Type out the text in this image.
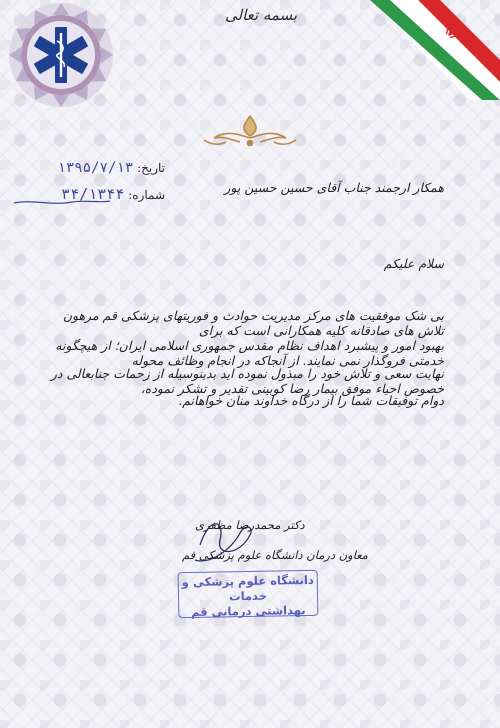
بسمه تعالی
تاریخ: ۱۳۹۵/۷/۱۳
شماره: ۳۴/۱۳۴۴	همکار ارجمند جناب آقای حسین حسین پور
سلام علیکم
بی شک موفقیت های مرکز مدیریت حوادث و فوریتهای پزشکی قم مرهون تلاش های صادقانه کلیه همکارانی است که برای
بهبود امور و پیشبرد اهداف نظام مقدس جمهوری اسلامی ایران؛ از هیچگونه خدمتی فروگذار نمی نمایند. از آنجاکه در انجام وظائف محوله
نهایت سعی و تلاش خود را مبذول نموده اید بدینوسیله از زحمات جنابعالی در خصوص احیاء موفق بیمار رضا کوبینی تقدیر و تشکر نموده،
دوام توفیقات شما را از درگاه خداوند منان خواهانم.
دکتر محمدرضا مظفری
معاون درمان دانشگاه علوم پزشکی قم
دانشگاه علوم پزشکی و خدمات
بهداشتی درمانی قم
